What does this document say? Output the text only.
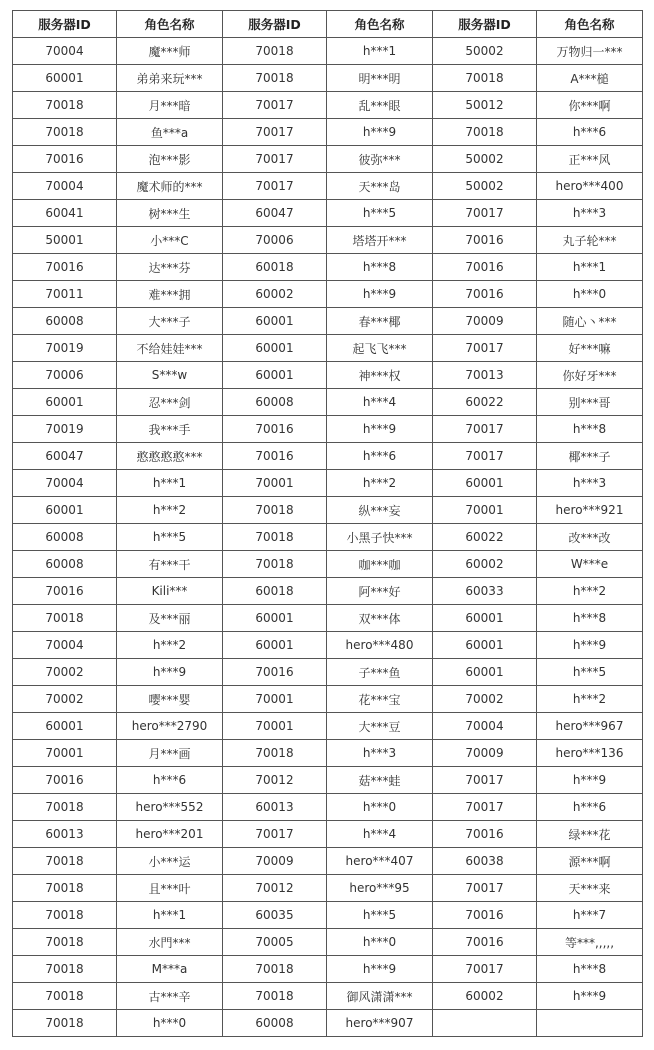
服务器ID	角色名称	服务器ID	角色名称	服务器ID	角色名称
70004	魔***师	70018	h***1	50002	万物归一***
60001	弟弟来玩***	70018	明***明	70018	A***槌
70018	月***暗	70017	乱***眼	50012	你***啊
70018	鱼***a	70017	h***9	70018	h***6
70016	泡***影	70017	彼弥***	50002	正***风
70004	魔术师的***	70017	天***岛	50002	hero***400
60041	树***生	60047	h***5	70017	h***3
50001	小***C	70006	塔塔开***	70016	丸子轮***
70016	达***芬	60018	h***8	70016	h***1
70011	难***拥	60002	h***9	70016	h***0
60008	大***子	60001	春***椰	70009	随心丶***
70019	不给娃娃***	60001	起飞飞***	70017	好***嘛
70006	S***w	60001	神***权	70013	你好牙***
60001	忍***剑	60008	h***4	60022	别***哥
70019	我***手	70016	h***9	70017	h***8
60047	憨憨憨憨***	70016	h***6	70017	椰***子
70004	h***1	70001	h***2	60001	h***3
60001	h***2	70018	纵***妄	70001	hero***921
60008	h***5	70018	小黑子快***	60022	改***改
60008	有***干	70018	咖***咖	60002	W***e
70016	Kili***	60018	阿***好	60033	h***2
70018	及***丽	60001	双***体	60001	h***8
70004	h***2	60001	hero***480	60001	h***9
70002	h***9	70016	子***鱼	60001	h***5
70002	嘤***婴	70001	花***宝	70002	h***2
60001	hero***2790	70001	大***豆	70004	hero***967
70001	月***画	70018	h***3	70009	hero***136
70016	h***6	70012	菇***蛙	70017	h***9
70018	hero***552	60013	h***0	70017	h***6
60013	hero***201	70017	h***4	70016	绿***花
70018	小***运	70009	hero***407	60038	源***啊
70018	且***叶	70012	hero***95	70017	天***来
70018	h***1	60035	h***5	70016	h***7
70018	水門***	70005	h***0	70016	等***,,,,,
70018	M***a	70018	h***9	70017	h***8
70018	古***辛	70018	御风潇潇***	60002	h***9
70018	h***0	60008	hero***907		
